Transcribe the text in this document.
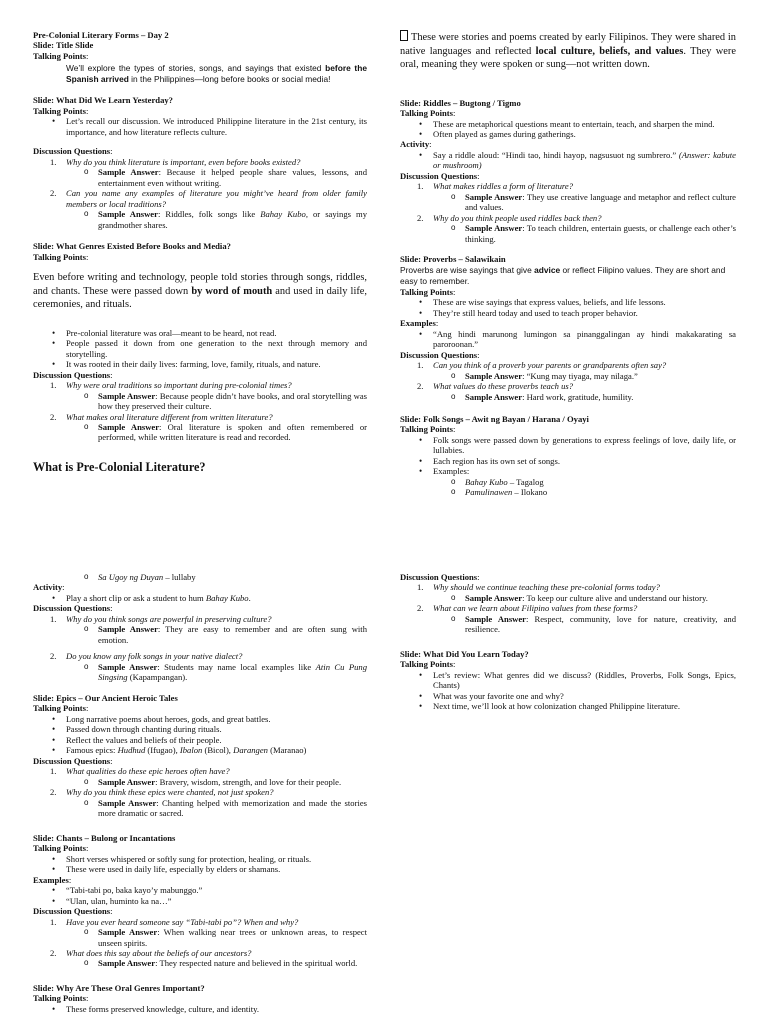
Pre-Colonial Literary Forms – Day 2

Slide: Title Slide

Talking Points:

We’ll explore the types of stories, songs, and sayings that existed before the Spanish arrived in the Philippines—long before books or social media!

Slide: What Did We Learn Yesterday?

Talking Points:

• Let’s recall our discussion. We introduced Philippine literature in the 21st century, its importance, and how literature reflects culture.

Discussion Questions:

1. Why do you think literature is important, even before books existed?
o Sample Answer: Because it helped people share values, lessons, and entertainment even without writing.
2. Can you name any examples of literature you might’ve heard from older family members or local traditions?
o Sample Answer: Riddles, folk songs like Bahay Kubo, or sayings my grandmother shares.

Slide: What Genres Existed Before Books and Media?

Talking Points:

Even before writing and technology, people told stories through songs, riddles, and chants. These were passed down by word of mouth and used in daily life, ceremonies, and rituals.

• Pre-colonial literature was oral—meant to be heard, not read.
• People passed it down from one generation to the next through memory and storytelling.
• It was rooted in their daily lives: farming, love, family, rituals, and nature.

Discussion Questions:

1. Why were oral traditions so important during pre-colonial times?
o Sample Answer: Because people didn’t have books, and oral storytelling was how they preserved their culture.
2. What makes oral literature different from written literature?
o Sample Answer: Oral literature is spoken and often remembered or performed, while written literature is read and recorded.

What is Pre-Colonial Literature?

These were stories and poems created by early Filipinos. They were shared in native languages and reflected local culture, beliefs, and values. They were oral, meaning they were spoken or sung—not written down.

Slide: Riddles – Bugtong / Tigmo

Talking Points:

• These are metaphorical questions meant to entertain, teach, and sharpen the mind.
• Often played as games during gatherings.

Activity:

• Say a riddle aloud: “Hindi tao, hindi hayop, nagsusuot ng sumbrero.” (Answer: kabute or mushroom)

Discussion Questions:

1. What makes riddles a form of literature?
o Sample Answer: They use creative language and metaphor and reflect culture and values.
2. Why do you think people used riddles back then?
o Sample Answer: To teach children, entertain guests, or challenge each other’s thinking.

Slide: Proverbs – Salawikain

Proverbs are wise sayings that give advice or reflect Filipino values. They are short and easy to remember.

Talking Points:

• These are wise sayings that express values, beliefs, and life lessons.
• They’re still heard today and used to teach proper behavior.

Examples:

• “Ang hindi marunong lumingon sa pinanggalingan ay hindi makakarating sa paroroonan.”

Discussion Questions:

1. Can you think of a proverb your parents or grandparents often say?
o Sample Answer: “Kung may tiyaga, may nilaga.”
2. What values do these proverbs teach us?
o Sample Answer: Hard work, gratitude, humility.

Slide: Folk Songs – Awit ng Bayan / Harana / Oyayi

Talking Points:

• Folk songs were passed down by generations to express feelings of love, daily life, or lullabies.
• Each region has its own set of songs.
• Examples:
o Bahay Kubo – Tagalog
o Pamulinawen – Ilokano
o Sa Ugoy ng Duyan – lullaby

Activity:

• Play a short clip or ask a student to hum Bahay Kubo.

Discussion Questions:

1. Why do you think songs are powerful in preserving culture?
o Sample Answer: They are easy to remember and are often sung with emotion.
2. Do you know any folk songs in your native dialect?
o Sample Answer: Students may name local examples like Atin Cu Pung Singsing (Kapampangan).

Slide: Epics – Our Ancient Heroic Tales

Talking Points:

• Long narrative poems about heroes, gods, and great battles.
• Passed down through chanting during rituals.
• Reflect the values and beliefs of their people.
• Famous epics: Hudhud (Ifugao), Ibalon (Bicol), Darangen (Maranao)

Discussion Questions:

1. What qualities do these epic heroes often have?
o Sample Answer: Bravery, wisdom, strength, and love for their people.
2. Why do you think these epics were chanted, not just spoken?
o Sample Answer: Chanting helped with memorization and made the stories more dramatic or sacred.

Slide: Chants – Bulong or Incantations

Talking Points:

• Short verses whispered or softly sung for protection, healing, or rituals.
• These were used in daily life, especially by elders or shamans.

Examples:

• “Tabi-tabi po, baka kayo’y mabunggo.”
• “Ulan, ulan, huminto ka na…”

Discussion Questions:

1. Have you ever heard someone say “Tabi-tabi po”? When and why?
o Sample Answer: When walking near trees or unknown areas, to respect unseen spirits.
2. What does this say about the beliefs of our ancestors?
o Sample Answer: They respected nature and believed in the spiritual world.

Slide: Why Are These Oral Genres Important?

Talking Points:

• These forms preserved knowledge, culture, and identity.

Discussion Questions:

1. Why should we continue teaching these pre-colonial forms today?
o Sample Answer: To keep our culture alive and understand our history.
2. What can we learn about Filipino values from these forms?
o Sample Answer: Respect, community, love for nature, creativity, and resilience.

Slide: What Did You Learn Today?

Talking Points:

• Let’s review: What genres did we discuss? (Riddles, Proverbs, Folk Songs, Epics, Chants)
• What was your favorite one and why?
• Next time, we’ll look at how colonization changed Philippine literature.
